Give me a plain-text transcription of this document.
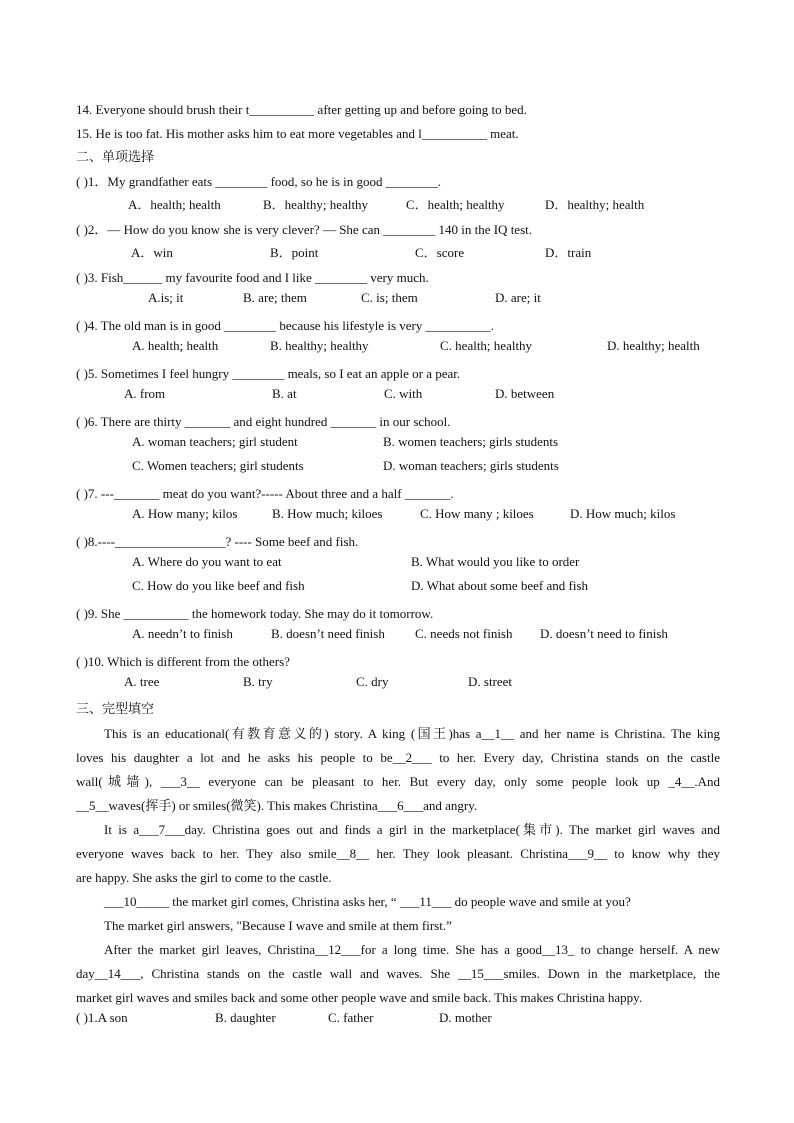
14. Everyone should brush their t__________ after getting up and before going to bed.
15. He is too fat. His mother asks him to eat more vegetables and l__________ meat.
二、单项选择
( )1．My grandfather eats ________ food, so he is in good ________.
A．health; health	B．healthy; healthy	C．health; healthy	D．healthy; health
( )2．— How do you know she is very clever? — She can ________ 140 in the IQ test.
A．win	B．point	C．score	D．train
( )3. Fish______ my favourite food and I like ________ very much.
A.is; it	B. are; them	C. is; them	D. are; it
( )4. The old man is in good ________ because his lifestyle is very __________.
A. health; health	B. healthy; healthy	C. health; healthy	D. healthy; health
( )5. Sometimes I feel hungry ________ meals, so I eat an apple or a pear.
A. from	B. at	C. with	D. between
( )6. There are thirty _______ and eight hundred _______ in our school.
A. woman teachers; girl student	B. women teachers; girls students
C. Women teachers; girl students	D. woman teachers; girls students
( )7. ---_______ meat do you want?----- About three and a half _______.
A. How many; kilos	B. How much; kiloes	C. How many ; kiloes	D. How much; kilos
( )8.----_________________? ---- Some beef and fish.
A. Where do you want to eat	B. What would you like to order
C. How do you like beef and fish	D. What about some beef and fish
( )9. She __________ the homework today. She may do it tomorrow.
A. needn’t to finish	B. doesn’t need finish C. needs not finish D. doesn’t need to finish
( )10. Which is different from the others?
A. tree	B. try	C. dry	D. street
三、完型填空
This is an educational(有教育意义的) story. A king (国王)has a__1__ and her name is Christina. The king
loves his daughter a lot and he asks his people to be__2___ to her. Every day, Christina stands on the castle
wall(城墙), ___3__ everyone can be pleasant to her. But every day, only some people look up _4__.And
__5__waves(挥手) or smiles(微笑). This makes Christina___6___and angry.
It is a___7___day. Christina goes out and finds a girl in the marketplace(集市). The market girl waves and
everyone waves back to her. They also smile__8__ her. They look pleasant. Christina___9__ to know why they
are happy. She asks the girl to come to the castle.
___10_____ the market girl comes, Christina asks her, “ ___11___ do people wave and smile at you?
The market girl answers, "Because I wave and smile at them first.”
After the market girl leaves, Christina__12___for a long time. She has a good__13_ to change herself. A new
day__14___, Christina stands on the castle wall and waves. She __15___smiles. Down in the marketplace, the
market girl waves and smiles back and some other people wave and smile back. This makes Christina happy.
( )1.A son	B. daughter	C. father	D. mother
